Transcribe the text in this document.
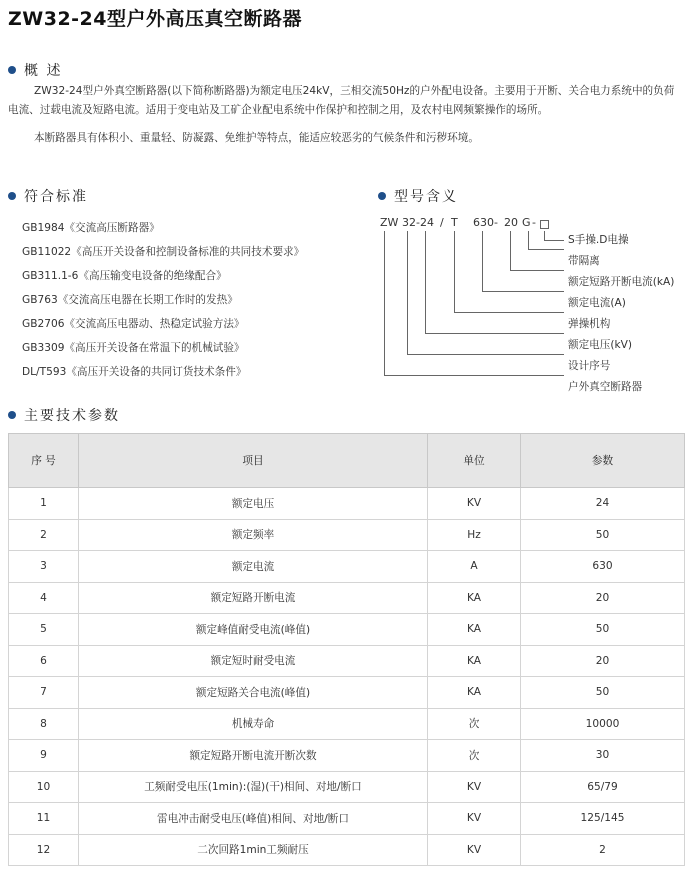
ZW32-24型户外高压真空断路器
概 述

ZW32-24型户外真空断路器(以下简称断路器)为额定电压24kV，三相交流50Hz的户外配电设备。主要用于开断、关合电力系统中的负荷电流、过载电流及短路电流。适用于变电站及工矿企业配电系统中作保护和控制之用，及农村电网频繁操作的场所。

本断路器具有体积小、重量轻、防凝露、免维护等特点，能适应较恶劣的气候条件和污秽环境。

符合标准
GB1984《交流高压断路器》
GB11022《高压开关设备和控制设备标准的共同技术要求》
GB311.1-6《高压输变电设备的绝缘配合》
GB763《交流高压电器在长期工作时的发热》
GB2706《交流高压电器动、热稳定试验方法》
GB3309《高压开关设备在常温下的机械试验》
DL/T593《高压开关设备的共同订货技术条件》
型号含义
ZW 32 -24 / T 630 - 20 G -
S手操.D电操
带隔离
额定短路开断电流(kA)
额定电流(A)
弹操机构
额定电压(kV)
设计序号
户外真空断路器
主要技术参数
序 号	项目	单位	参数
1	额定电压	KV	24
2	额定频率	Hz	50
3	额定电流	A	630
4	额定短路开断电流	KA	20
5	额定峰值耐受电流(峰值)	KA	50
6	额定短时耐受电流	KA	20
7	额定短路关合电流(峰值)	KA	50
8	机械寿命	次	10000
9	额定短路开断电流开断次数	次	30
10	工频耐受电压(1min):(湿)(干)相间、对地/断口	KV	65/79
11	雷电冲击耐受电压(峰值)相间、对地/断口	KV	125/145
12	二次回路1min工频耐压	KV	2
